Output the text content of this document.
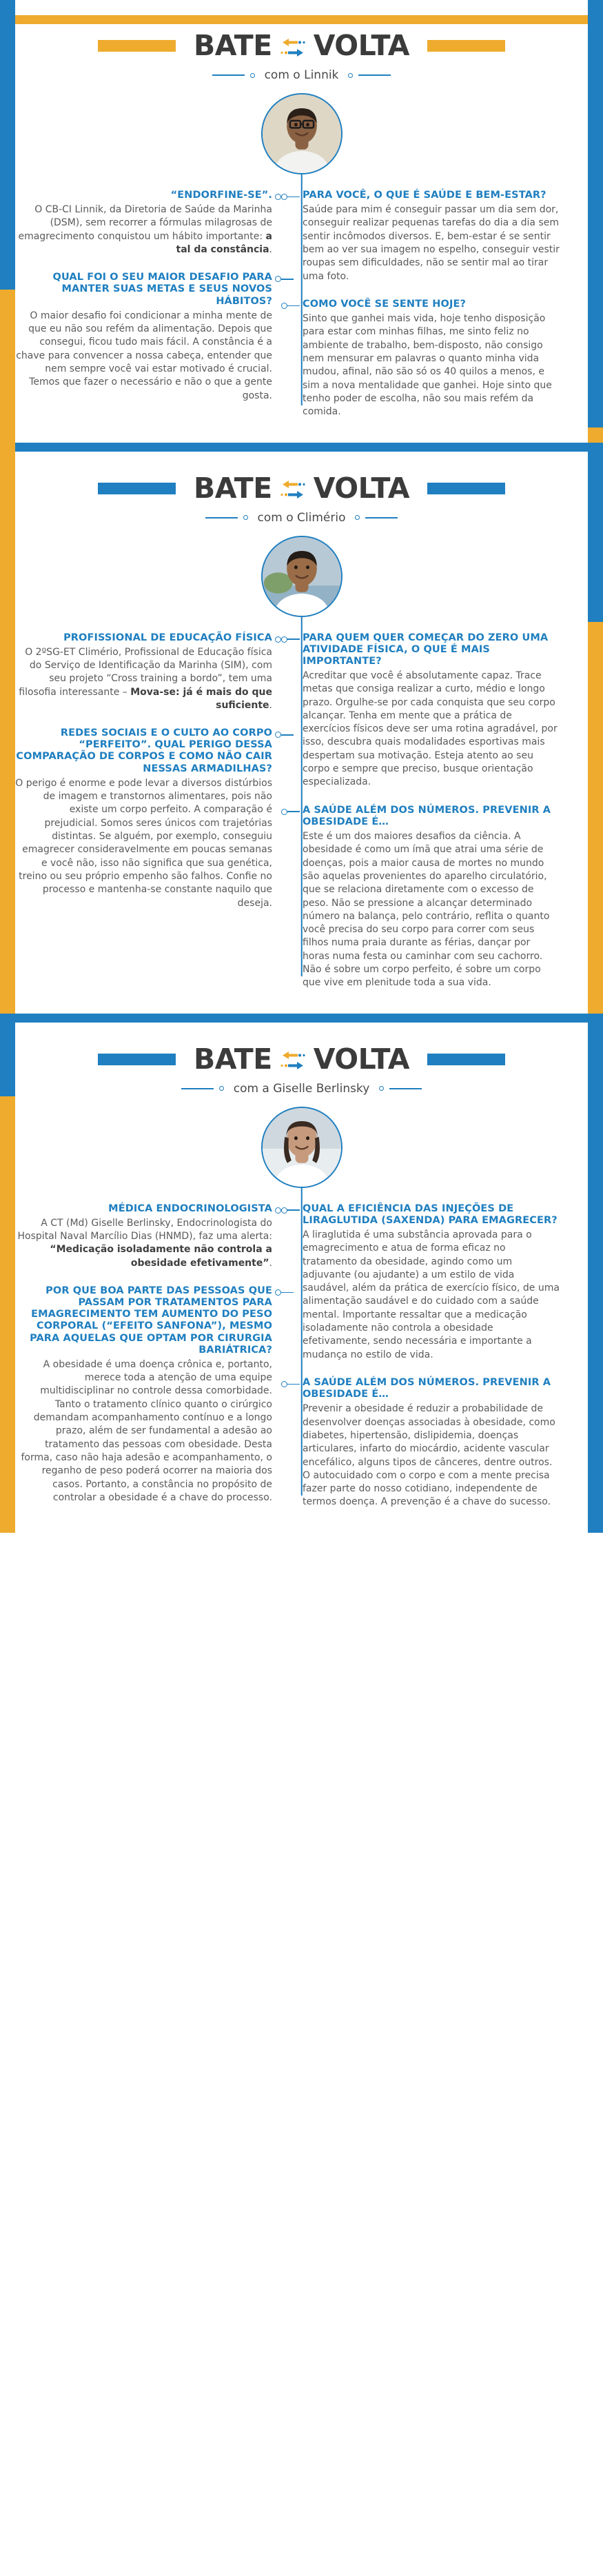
BATE VOLTA
com o Linnik
“ENDORFINE-SE”.
O CB-CI Linnik, da Diretoria de Saúde da Marinha (DSM), sem recorrer a fórmulas milagrosas de emagrecimento conquistou um hábito importante: a tal da constância.
QUAL FOI O SEU MAIOR DESAFIO PARA MANTER SUAS METAS E SEUS NOVOS HÁBITOS?
O maior desafio foi condicionar a minha mente de que eu não sou refém da alimentação. Depois que consegui, ficou tudo mais fácil. A constância é a chave para convencer a nossa cabeça, entender que nem sempre você vai estar motivado é crucial. Temos que fazer o necessário e não o que a gente gosta.
PARA VOCÊ, O QUE É SAÚDE E BEM-ESTAR?
Saúde para mim é conseguir passar um dia sem dor, conseguir realizar pequenas tarefas do dia a dia sem sentir incômodos diversos. E, bem-estar é se sentir bem ao ver sua imagem no espelho, conseguir vestir roupas sem dificuldades, não se sentir mal ao tirar uma foto.
COMO VOCÊ SE SENTE HOJE?
Sinto que ganhei mais vida, hoje tenho disposição para estar com minhas filhas, me sinto feliz no ambiente de trabalho, bem-disposto, não consigo nem mensurar em palavras o quanto minha vida mudou, afinal, não são só os 40 quilos a menos, e sim a nova mentalidade que ganhei. Hoje sinto que tenho poder de escolha, não sou mais refém da comida.
BATE VOLTA
com o Climério
PROFISSIONAL DE EDUCAÇÃO FÍSICA
O 2ºSG-ET Climério, Profissional de Educação física do Serviço de Identificação da Marinha (SIM), com seu projeto “Cross training a bordo”, tem uma filosofia interessante – Mova-se: já é mais do que suficiente.
REDES SOCIAIS E O CULTO AO CORPO “PERFEITO”. QUAL PERIGO DESSA COMPARAÇÃO DE CORPOS E COMO NÃO CAIR NESSAS ARMADILHAS?
O perigo é enorme e pode levar a diversos distúrbios de imagem e transtornos alimentares, pois não existe um corpo perfeito. A comparação é prejudicial. Somos seres únicos com trajetórias distintas. Se alguém, por exemplo, conseguiu emagrecer consideravelmente em poucas semanas e você não, isso não significa que sua genética, treino ou seu próprio empenho são falhos. Confie no processo e mantenha-se constante naquilo que deseja.
PARA QUEM QUER COMEÇAR DO ZERO UMA ATIVIDADE FÍSICA, O QUE É MAIS IMPORTANTE?
Acreditar que você é absolutamente capaz. Trace metas que consiga realizar a curto, médio e longo prazo. Orgulhe-se por cada conquista que seu corpo alcançar. Tenha em mente que a prática de exercícios físicos deve ser uma rotina agradável, por isso, descubra quais modalidades esportivas mais despertam sua motivação. Esteja atento ao seu corpo e sempre que preciso, busque orientação especializada.
A SAÚDE ALÉM DOS NÚMEROS. PREVENIR A OBESIDADE É…
Este é um dos maiores desafios da ciência. A obesidade é como um ímã que atrai uma série de doenças, pois a maior causa de mortes no mundo são aquelas provenientes do aparelho circulatório, que se relaciona diretamente com o excesso de peso. Não se pressione a alcançar determinado número na balança, pelo contrário, reflita o quanto você precisa do seu corpo para correr com seus filhos numa praia durante as férias, dançar por horas numa festa ou caminhar com seu cachorro. Não é sobre um corpo perfeito, é sobre um corpo que vive em plenitude toda a sua vida.
BATE VOLTA
com a Giselle Berlinsky
MÉDICA ENDOCRINOLOGISTA
A CT (Md) Giselle Berlinsky, Endocrinologista do Hospital Naval Marcílio Dias (HNMD), faz uma alerta: “Medicação isoladamente não controla a obesidade efetivamente”.
POR QUE BOA PARTE DAS PESSOAS QUE PASSAM POR TRATAMENTOS PARA EMAGRECIMENTO TEM AUMENTO DO PESO CORPORAL (“EFEITO SANFONA”), MESMO PARA AQUELAS QUE OPTAM POR CIRURGIA BARIÁTRICA?
A obesidade é uma doença crônica e, portanto, merece toda a atenção de uma equipe multidisciplinar no controle dessa comorbidade. Tanto o tratamento clínico quanto o cirúrgico demandam acompanhamento contínuo e a longo prazo, além de ser fundamental a adesão ao tratamento das pessoas com obesidade. Desta forma, caso não haja adesão e acompanhamento, o reganho de peso poderá ocorrer na maioria dos casos. Portanto, a constância no propósito de controlar a obesidade é a chave do processo.
QUAL A EFICIÊNCIA DAS INJEÇÕES DE LIRAGLUTIDA (SAXENDA) PARA EMAGRECER?
A liraglutida é uma substância aprovada para o emagrecimento e atua de forma eficaz no tratamento da obesidade, agindo como um adjuvante (ou ajudante) a um estilo de vida saudável, além da prática de exercício físico, de uma alimentação saudável e do cuidado com a saúde mental. Importante ressaltar que a medicação isoladamente não controla a obesidade efetivamente, sendo necessária e importante a mudança no estilo de vida.
A SAÚDE ALÉM DOS NÚMEROS. PREVENIR A OBESIDADE É…
Prevenir a obesidade é reduzir a probabilidade de desenvolver doenças associadas à obesidade, como diabetes, hipertensão, dislipidemia, doenças articulares, infarto do miocárdio, acidente vascular encefálico, alguns tipos de cânceres, dentre outros. O autocuidado com o corpo e com a mente precisa fazer parte do nosso cotidiano, independente de termos doença. A prevenção é a chave do sucesso.
